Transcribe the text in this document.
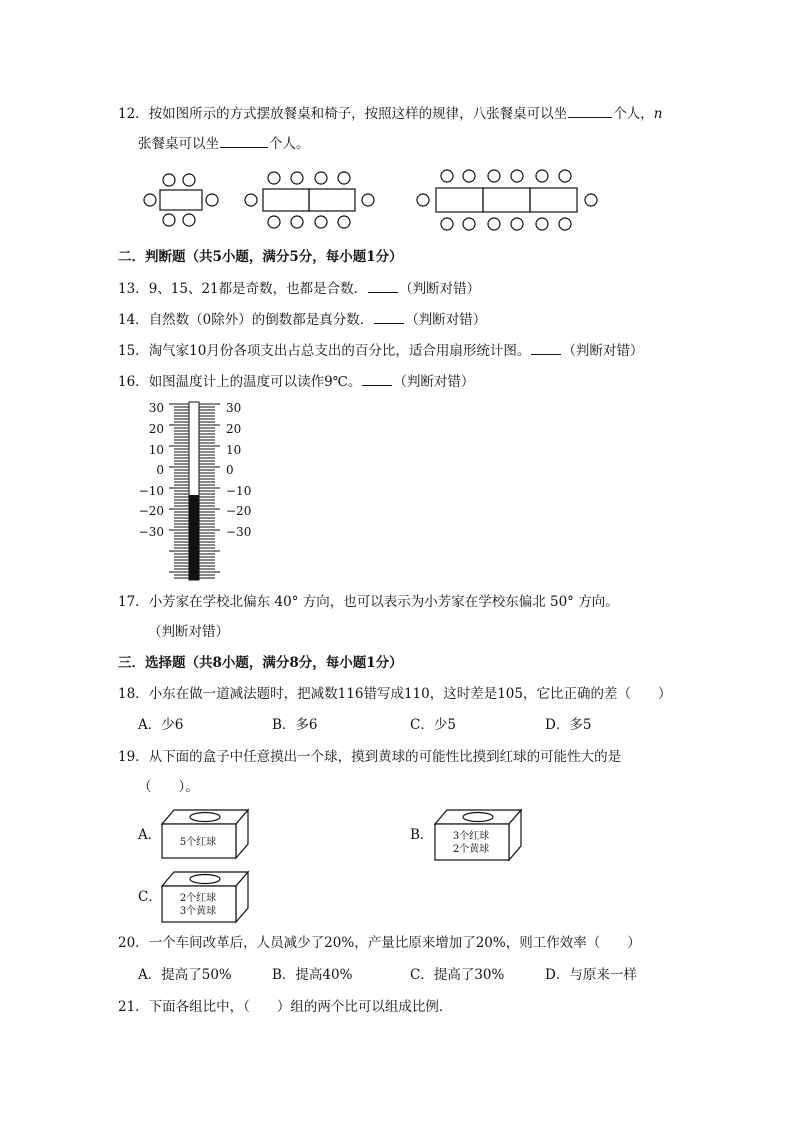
12．按如图所示的方式摆放餐桌和椅子，按照这样的规律，八张餐桌可以坐	个人，n
张餐桌可以坐	个人。
二．判断题（共5小题，满分5分，每小题1分）
13．9、15、21都是奇数，也都是合数． （判断对错）
14．自然数（0除外）的倒数都是真分数． （判断对错）
15．淘气家10月份各项支出占总支出的百分比，适合用扇形统计图。 （判断对错）
16．如图温度计上的温度可以读作9℃。 （判断对错）
30
20
10
0
−10
−20
−30
30
20
10
0
−10
−20
−30
17．小芳家在学校北偏东 40° 方向，也可以表示为小芳家在学校东偏北 50° 方向。
（判断对错）
三．选择题（共8小题，满分8分，每小题1分）
18．小东在做一道减法题时，把减数116错写成110，这时差是105，它比正确的差（　　）
A．少6	B．多6	C．少5	D．多5
19．从下面的盒子中任意摸出一个球，摸到黄球的可能性比摸到红球的可能性大的是
（　　）。
A． 5个红球	B． 3个红球
2个黄球
C． 2个红球
3个黄球
20．一个车间改革后，人员减少了20%，产量比原来增加了20%，则工作效率（　　）
A．提高了50%	B．提高40%	C．提高了30%	D．与原来一样
21．下面各组比中，（　　）组的两个比可以组成比例．
